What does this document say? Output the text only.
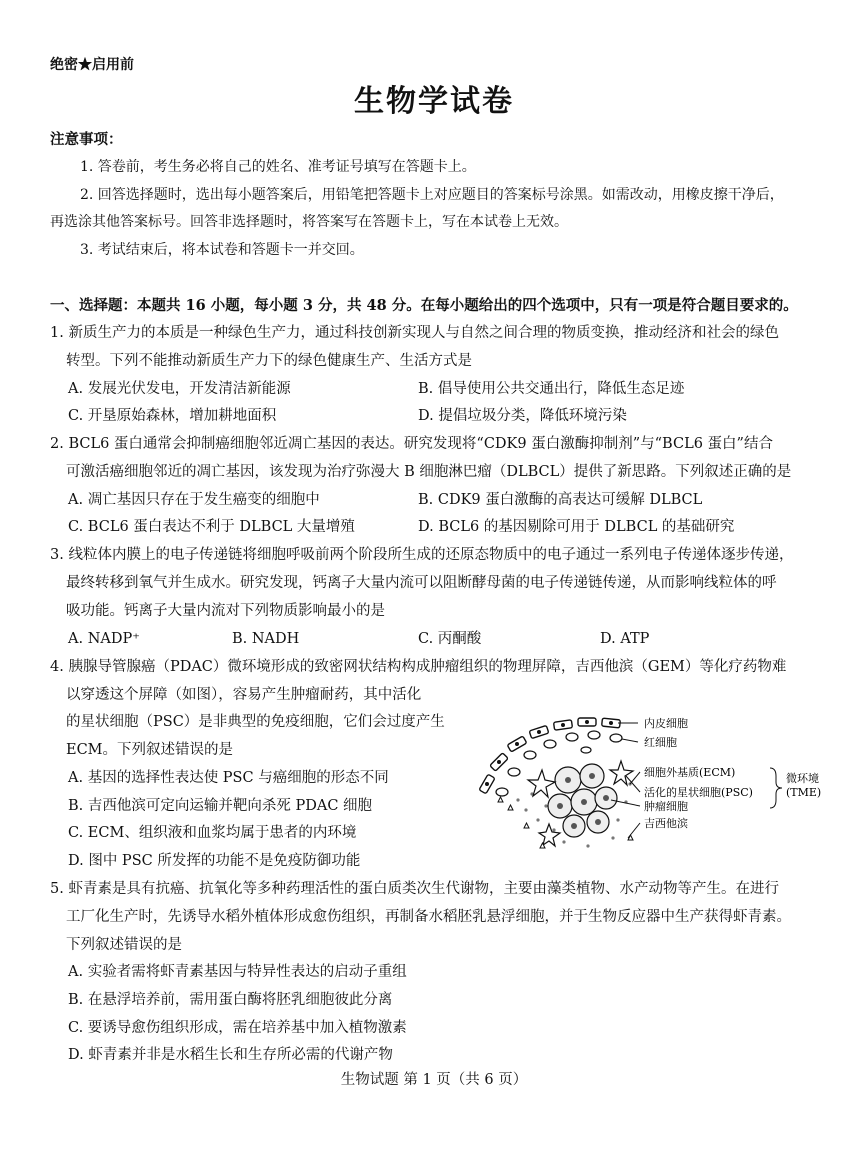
绝密★启用前
生物学试卷
注意事项：
1. 答卷前，考生务必将自己的姓名、准考证号填写在答题卡上。
2. 回答选择题时，选出每小题答案后，用铅笔把答题卡上对应题目的答案标号涂黑。如需改动，用橡皮擦干净后，
再选涂其他答案标号。回答非选择题时，将答案写在答题卡上，写在本试卷上无效。
3. 考试结束后，将本试卷和答题卡一并交回。
一、选择题：本题共 16 小题，每小题 3 分，共 48 分。在每小题给出的四个选项中，只有一项是符合题目要求的。
1. 新质生产力的本质是一种绿色生产力，通过科技创新实现人与自然之间合理的物质变换，推动经济和社会的绿色
转型。下列不能推动新质生产力下的绿色健康生产、生活方式是
A. 发展光伏发电，开发清洁新能源	B. 倡导使用公共交通出行，降低生态足迹
C. 开垦原始森林，增加耕地面积	D. 提倡垃圾分类，降低环境污染
2. BCL6 蛋白通常会抑制癌细胞邻近凋亡基因的表达。研究发现将“CDK9 蛋白激酶抑制剂”与“BCL6 蛋白”结合
可激活癌细胞邻近的凋亡基因，该发现为治疗弥漫大 B 细胞淋巴瘤（DLBCL）提供了新思路。下列叙述正确的是
A. 凋亡基因只存在于发生癌变的细胞中	B. CDK9 蛋白激酶的高表达可缓解 DLBCL
C. BCL6 蛋白表达不利于 DLBCL 大量增殖	D. BCL6 的基因剔除可用于 DLBCL 的基础研究
3. 线粒体内膜上的电子传递链将细胞呼吸前两个阶段所生成的还原态物质中的电子通过一系列电子传递体逐步传递，
最终转移到氧气并生成水。研究发现，钙离子大量内流可以阻断酵母菌的电子传递链传递，从而影响线粒体的呼
吸功能。钙离子大量内流对下列物质影响最小的是
A. NADP⁺	B. NADH	C. 丙酮酸	D. ATP
4. 胰腺导管腺癌（PDAC）微环境形成的致密网状结构构成肿瘤组织的物理屏障，吉西他滨（GEM）等化疗药物难
以穿透这个屏障（如图），容易产生肿瘤耐药，其中活化
的星状细胞（PSC）是非典型的免疫细胞，它们会过度产生
ECM。下列叙述错误的是
A. 基因的选择性表达使 PSC 与癌细胞的形态不同
B. 吉西他滨可定向运输并靶向杀死 PDAC 细胞
C. ECM、组织液和血浆均属于患者的内环境
D. 图中 PSC 所发挥的功能不是免疫防御功能
内皮细胞
红细胞
细胞外基质(ECM)
活化的星状细胞(PSC)
肿瘤细胞
吉西他滨
微环境
(TME)
5. 虾青素是具有抗癌、抗氧化等多种药理活性的蛋白质类次生代谢物，主要由藻类植物、水产动物等产生。在进行
工厂化生产时，先诱导水稻外植体形成愈伤组织，再制备水稻胚乳悬浮细胞，并于生物反应器中生产获得虾青素。
下列叙述错误的是
A. 实验者需将虾青素基因与特异性表达的启动子重组
B. 在悬浮培养前，需用蛋白酶将胚乳细胞彼此分离
C. 要诱导愈伤组织形成，需在培养基中加入植物激素
D. 虾青素并非是水稻生长和生存所必需的代谢产物
生物试题 第 1 页（共 6 页）
